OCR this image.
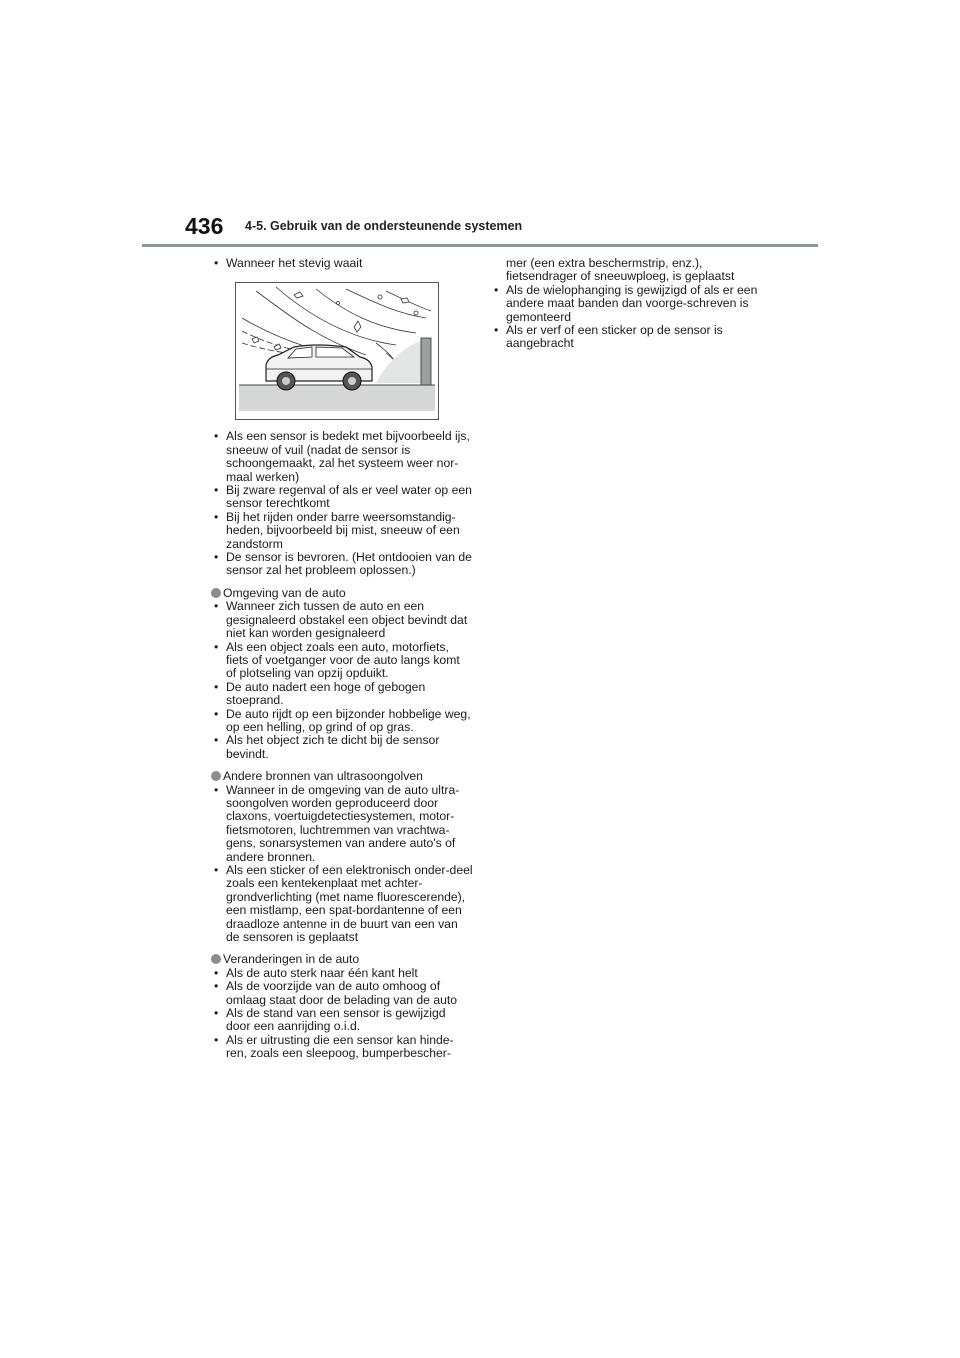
436 4-5. Gebruik van de ondersteunende systemen
• Wanneer het stevig waait
• Als een sensor is bedekt met bijvoorbeeld ijs, sneeuw of vuil (nadat de sensor is schoongemaakt, zal het systeem weer nor-maal werken)
• Bij zware regenval of als er veel water op een sensor terechtkomt
• Bij het rijden onder barre weersomstandig-heden, bijvoorbeeld bij mist, sneeuw of een zandstorm
• De sensor is bevroren. (Het ontdooien van de sensor zal het probleem oplossen.)
Omgeving van de auto
• Wanneer zich tussen de auto en een gesignaleerd obstakel een object bevindt dat niet kan worden gesignaleerd
• Als een object zoals een auto, motorfiets, fiets of voetganger voor de auto langs komt of plotseling van opzij opduikt.
• De auto nadert een hoge of gebogen stoeprand.
• De auto rijdt op een bijzonder hobbelige weg, op een helling, op grind of op gras.
• Als het object zich te dicht bij de sensor bevindt.
Andere bronnen van ultrasoongolven
• Wanneer in de omgeving van de auto ultra-soongolven worden geproduceerd door claxons, voertuigdetectiesystemen, motor-fietsmotoren, luchtremmen van vrachtwa-gens, sonarsystemen van andere auto's of andere bronnen.
• Als een sticker of een elektronisch onder-deel zoals een kentekenplaat met achter-grondverlichting (met name fluorescerende), een mistlamp, een spat-bordantenne of een draadloze antenne in de buurt van een van de sensoren is geplaatst
Veranderingen in de auto
• Als de auto sterk naar één kant helt
• Als de voorzijde van de auto omhoog of omlaag staat door de belading van de auto
• Als de stand van een sensor is gewijzigd door een aanrijding o.i.d.
• Als er uitrusting die een sensor kan hinde-ren, zoals een sleepoog, bumperbescher-
mer (een extra beschermstrip, enz.), fietsendrager of sneeuwploeg, is geplaatst
• Als de wielophanging is gewijzigd of als er een andere maat banden dan voorge-schreven is gemonteerd
• Als er verf of een sticker op de sensor is aangebracht
